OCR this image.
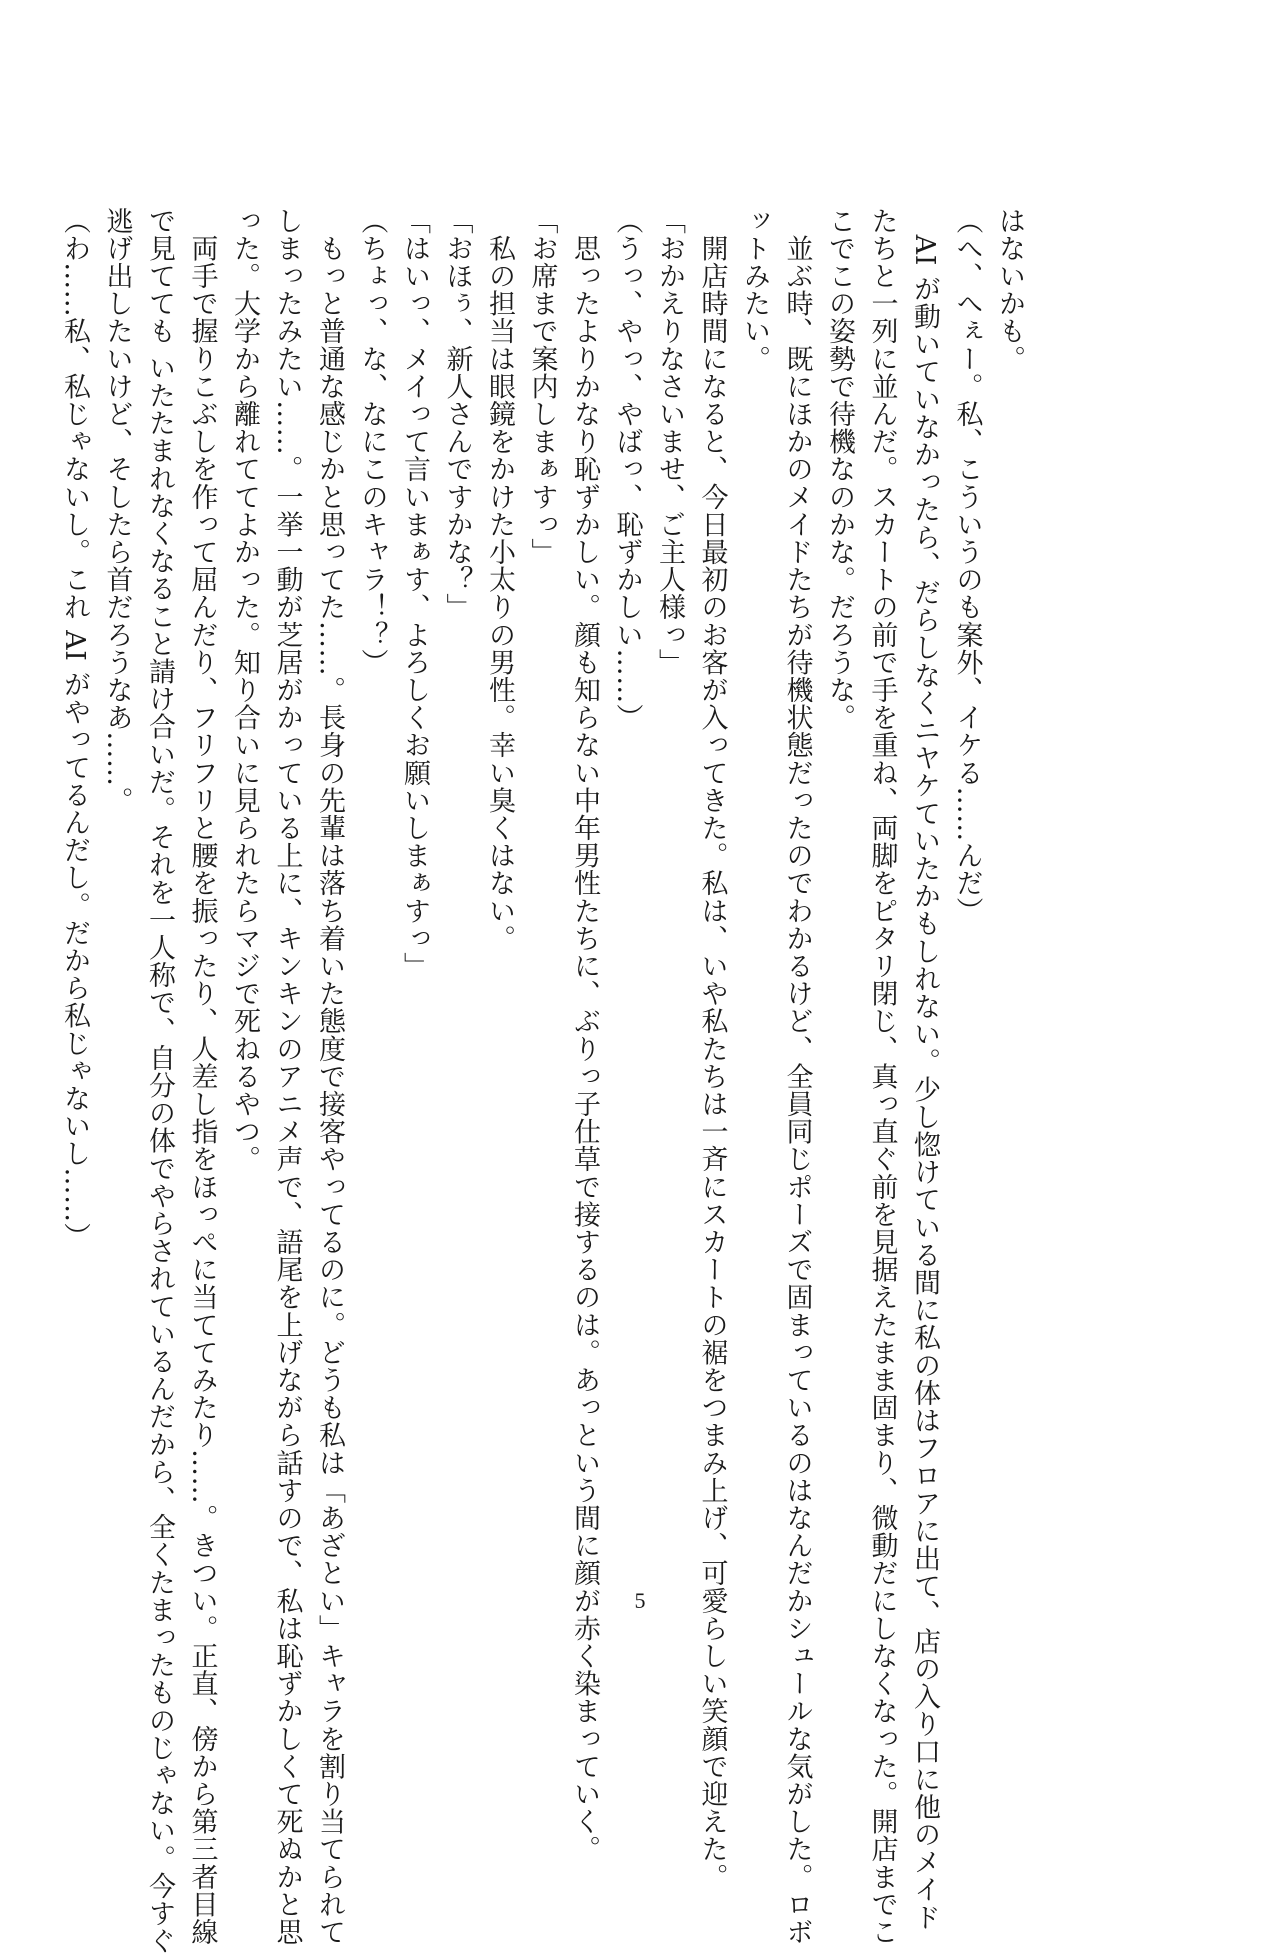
はないかも。
（へ、へぇー。私、こういうのも案外、イケる……んだ）
　AI が動いていなかったら、だらしなくニヤケていたかもしれない。少し惚けている間に私の体はフロアに出て、店の入り口に他のメイド
たちと一列に並んだ。スカートの前で手を重ね、両脚をピタリ閉じ、真っ直ぐ前を見据えたまま固まり、微動だにしなくなった。開店までこ
こでこの姿勢で待機なのかな。だろうな。
　並ぶ時、既にほかのメイドたちが待機状態だったのでわかるけど、全員同じポーズで固まっているのはなんだかシュールな気がした。ロボ
ットみたい。
　開店時間になると、今日最初のお客が入ってきた。私は、いや私たちは一斉にスカートの裾をつまみ上げ、可愛らしい笑顔で迎えた。
「おかえりなさいませ、ご主人様っ」
（うっ、やっ、やばっ、恥ずかしい……）
　思ったよりかなり恥ずかしい。顔も知らない中年男性たちに、ぶりっ子仕草で接するのは。あっという間に顔が赤く染まっていく。
「お席まで案内しまぁすっ」
　私の担当は眼鏡をかけた小太りの男性。幸い臭くはない。
「おほぅ、新人さんですかな？」
「はいっ、メイって言いまぁす、よろしくお願いしまぁすっ」
（ちょっ、な、なにこのキャラ！？）
　もっと普通な感じかと思ってた……。長身の先輩は落ち着いた態度で接客やってるのに。どうも私は「あざとい」キャラを割り当てられて
しまったみたい……。一挙一動が芝居がかっている上に、キンキンのアニメ声で、語尾を上げながら話すので、私は恥ずかしくて死ぬかと思
った。大学から離れててよかった。知り合いに見られたらマジで死ねるやつ。
　両手で握りこぶしを作って屈んだり、フリフリと腰を振ったり、人差し指をほっぺに当ててみたり……。きつい。正直、傍から第三者目線
で見てても いたたまれなくなること請け合いだ。それを一人称で、自分の体でやらされているんだから、全くたまったものじゃない。今すぐ
逃げ出したいけど、そしたら首だろうなあ……。
（わ……私、私じゃないし。これ AI がやってるんだし。だから私じゃないし……）
5
